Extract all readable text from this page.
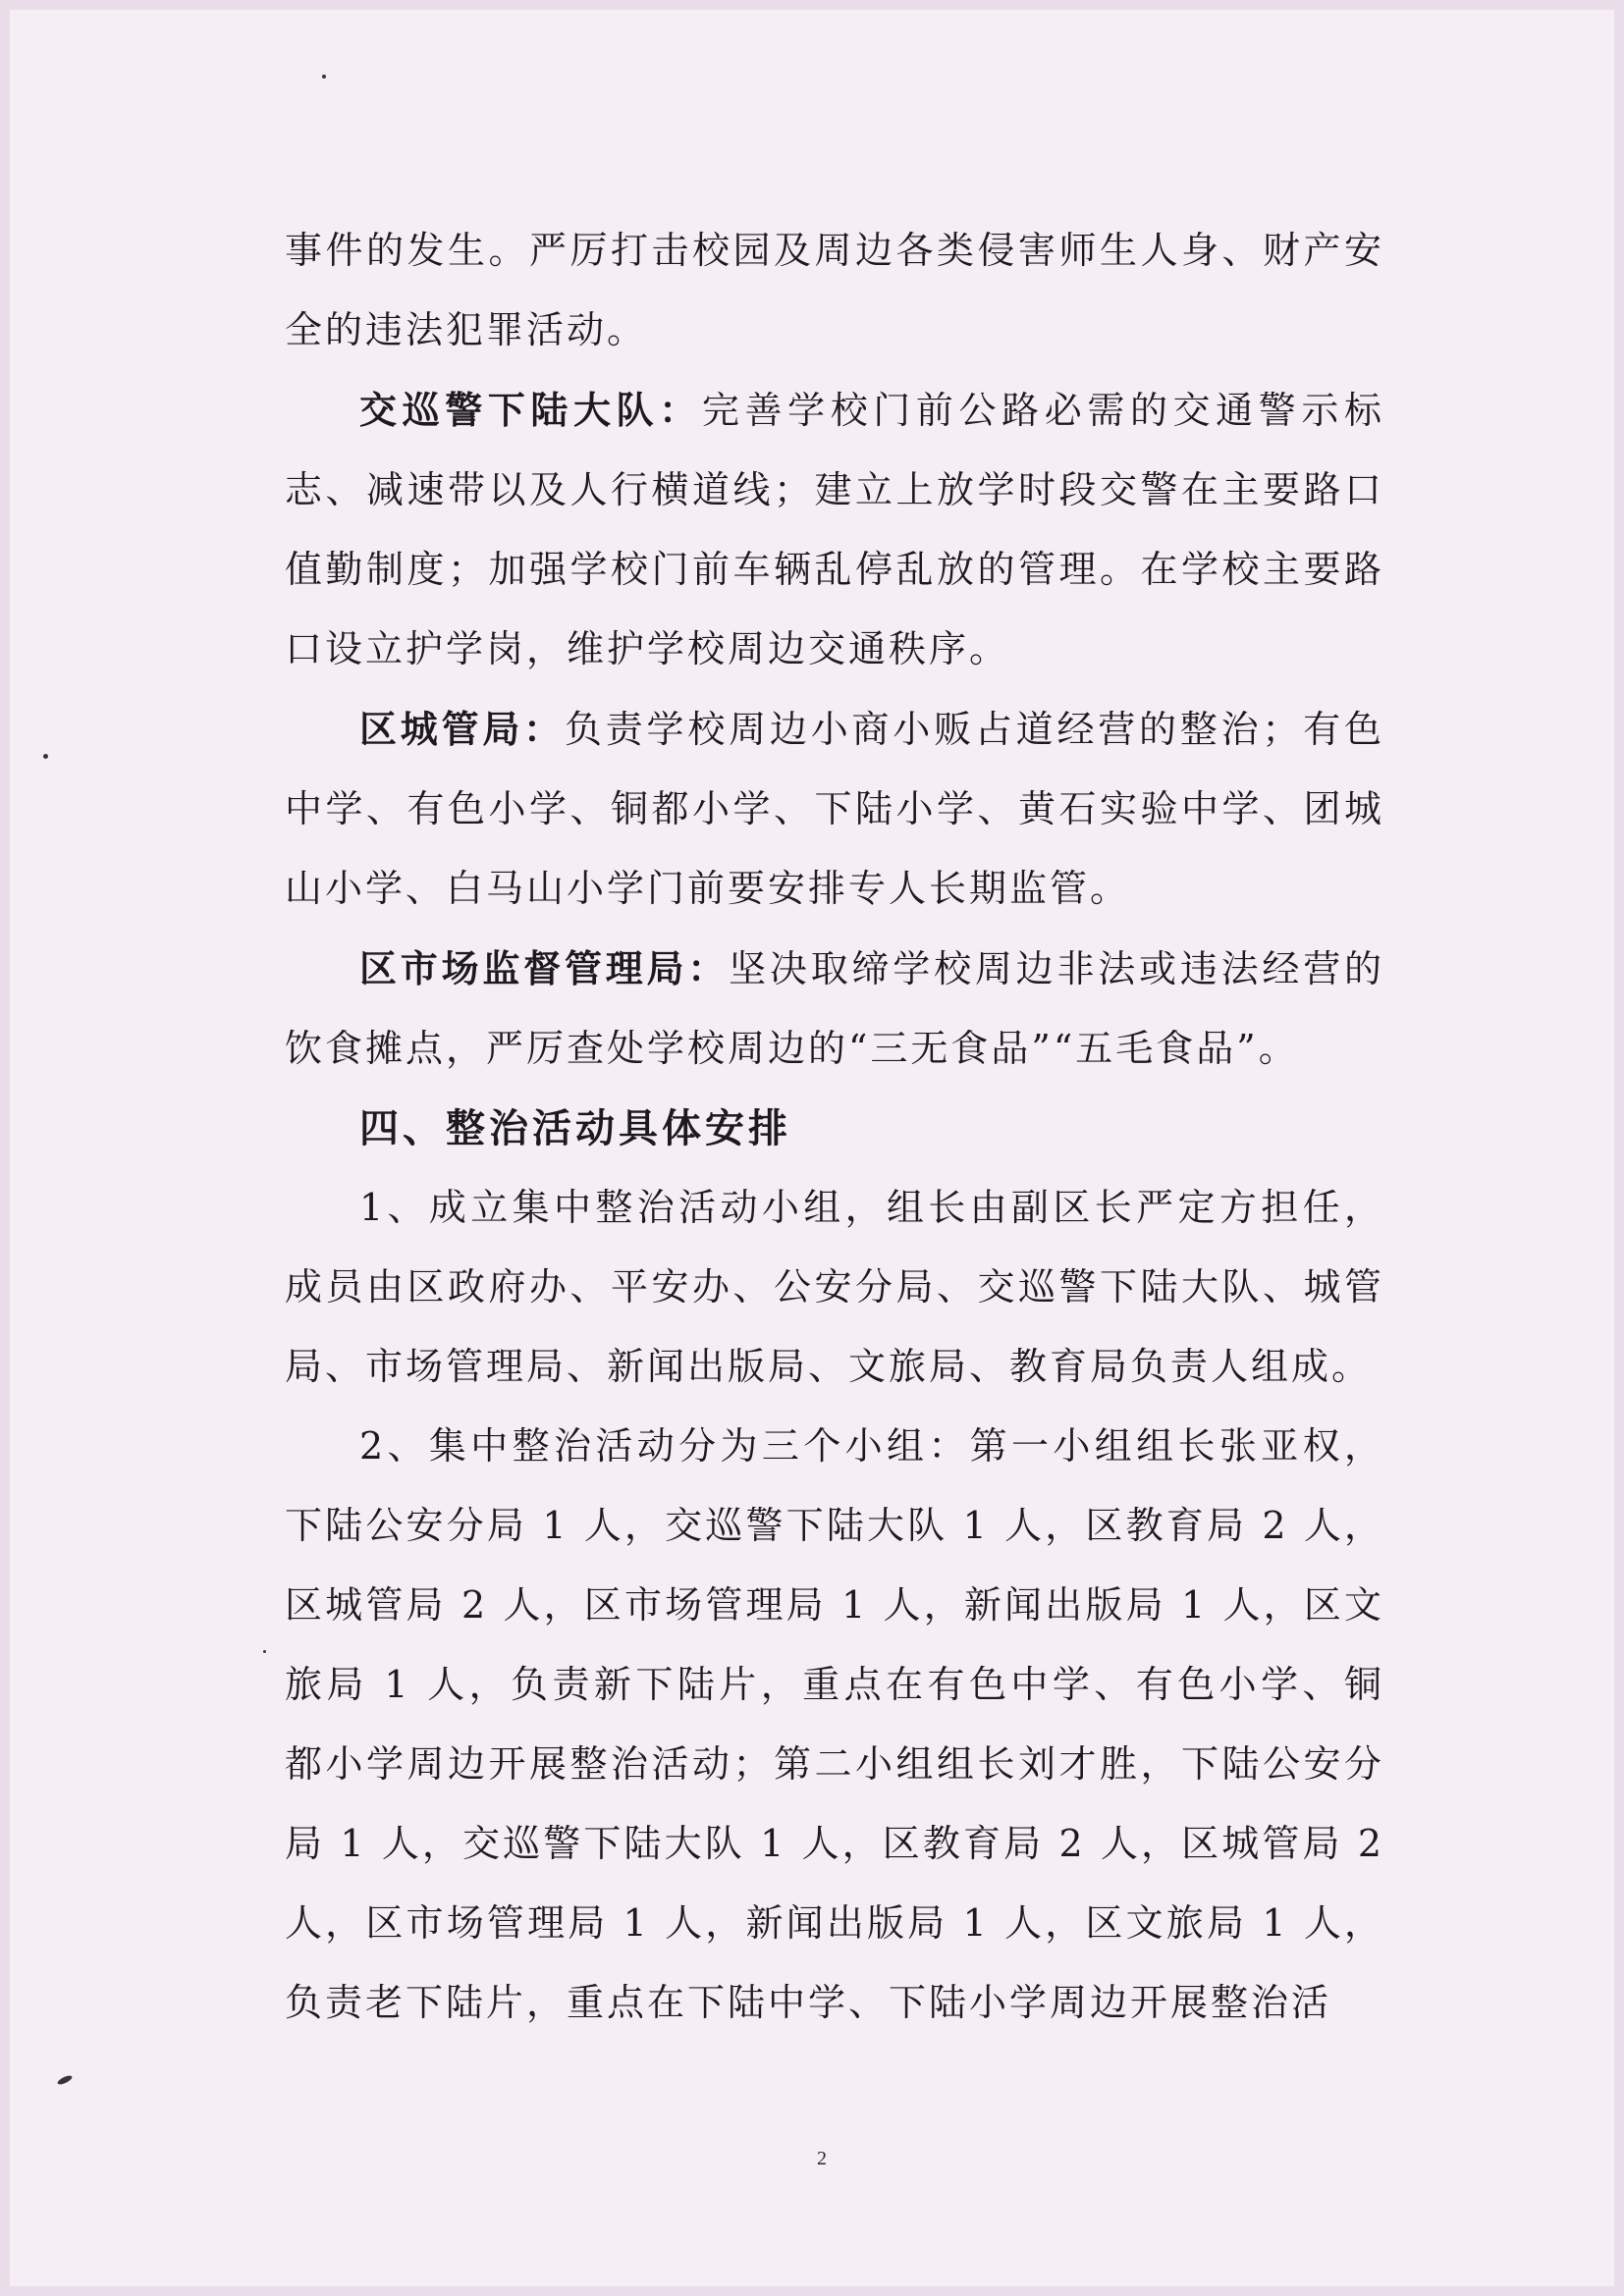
事件的发生。严厉打击校园及周边各类侵害师生人身、财产安全的违法犯罪活动。

交巡警下陆大队：完善学校门前公路必需的交通警示标志、减速带以及人行横道线；建立上放学时段交警在主要路口值勤制度；加强学校门前车辆乱停乱放的管理。在学校主要路口设立护学岗，维护学校周边交通秩序。

区城管局：负责学校周边小商小贩占道经营的整治；有色中学、有色小学、铜都小学、下陆小学、黄石实验中学、团城山小学、白马山小学门前要安排专人长期监管。

区市场监督管理局：坚决取缔学校周边非法或违法经营的饮食摊点，严厉查处学校周边的“三无食品”“五毛食品”。

四、整治活动具体安排

1、成立集中整治活动小组，组长由副区长严定方担任，成员由区政府办、平安办、公安分局、交巡警下陆大队、城管局、市场管理局、新闻出版局、文旅局、教育局负责人组成。

2、集中整治活动分为三个小组：第一小组组长张亚权，下陆公安分局 1 人，交巡警下陆大队 1 人，区教育局 2 人，区城管局 2 人，区市场管理局 1 人，新闻出版局 1 人，区文旅局 1 人，负责新下陆片，重点在有色中学、有色小学、铜都小学周边开展整治活动；第二小组组长刘才胜，下陆公安分局 1 人，交巡警下陆大队 1 人，区教育局 2 人，区城管局 2 人，区市场管理局 1 人，新闻出版局 1 人，区文旅局 1 人，负责老下陆片，重点在下陆中学、下陆小学周边开展整治活

2
